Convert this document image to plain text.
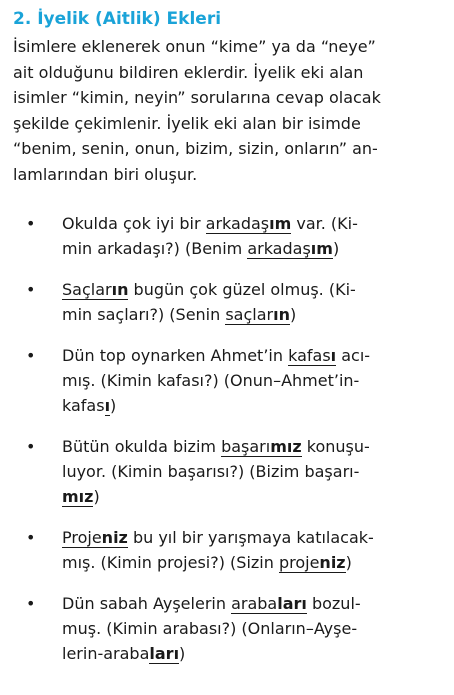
2. İyelik (Aitlik) Ekleri

İsimlere eklenerek onun “kime” ya da “neye”
ait olduğunu bildiren eklerdir. İyelik eki alan
isimler “kimin, neyin” sorularına cevap olacak
şekilde çekimlenir. İyelik eki alan bir isimde
“benim, senin, onun, bizim, sizin, onların” an-
lamlarından biri oluşur.

• Okulda çok iyi bir arkadaşım var. (Ki-
min arkadaşı?) (Benim arkadaşım)
• Saçların bugün çok güzel olmuş. (Ki-
min saçları?) (Senin saçların)
• Dün top oynarken Ahmet’in kafası acı-
mış. (Kimin kafası?) (Onun–Ahmet’in-
kafası)
• Bütün okulda bizim başarımız konuşu-
luyor. (Kimin başarısı?) (Bizim başarı-
mız)
• Projeniz bu yıl bir yarışmaya katılacak-
mış. (Kimin projesi?) (Sizin projeniz)
• Dün sabah Ayşelerin arabaları bozul-
muş. (Kimin arabası?) (Onların–Ayşe-
lerin-arabaları)
